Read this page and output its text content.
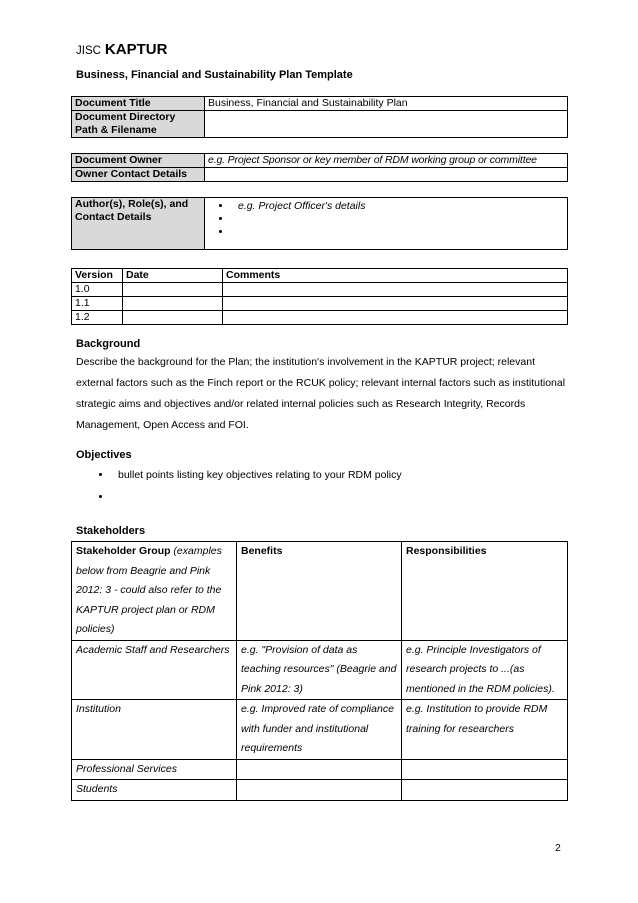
JISC KAPTUR
Business, Financial and Sustainability Plan Template
Document Title	Business, Financial and Sustainability Plan
Document Directory Path & Filename	
Document Owner	e.g. Project Sponsor or key member of RDM working group or committee
Owner Contact Details	
Author(s), Role(s), and Contact Details	
• e.g. Project Officer's details
•
•
Version	Date	Comments
1.0		
1.1		
1.2		
Background
Describe the background for the Plan; the institution's involvement in the KAPTUR project; relevant external factors such as the Finch report or the RCUK policy; relevant internal factors such as institutional strategic aims and objectives and/or related internal policies such as Research Integrity, Records Management, Open Access and FOI.
Objectives
• bullet points listing key objectives relating to your RDM policy
•
Stakeholders
Stakeholder Group (examples below from Beagrie and Pink 2012: 3 - could also refer to the KAPTUR project plan or RDM policies)	Benefits	Responsibilities
Academic Staff and Researchers	e.g. "Provision of data as teaching resources" (Beagrie and Pink 2012: 3)	e.g. Principle Investigators of research projects to ...(as mentioned in the RDM policies).
Institution	e.g. Improved rate of compliance with funder and institutional requirements	e.g. Institution to provide RDM training for researchers
Professional Services		
Students		
2
